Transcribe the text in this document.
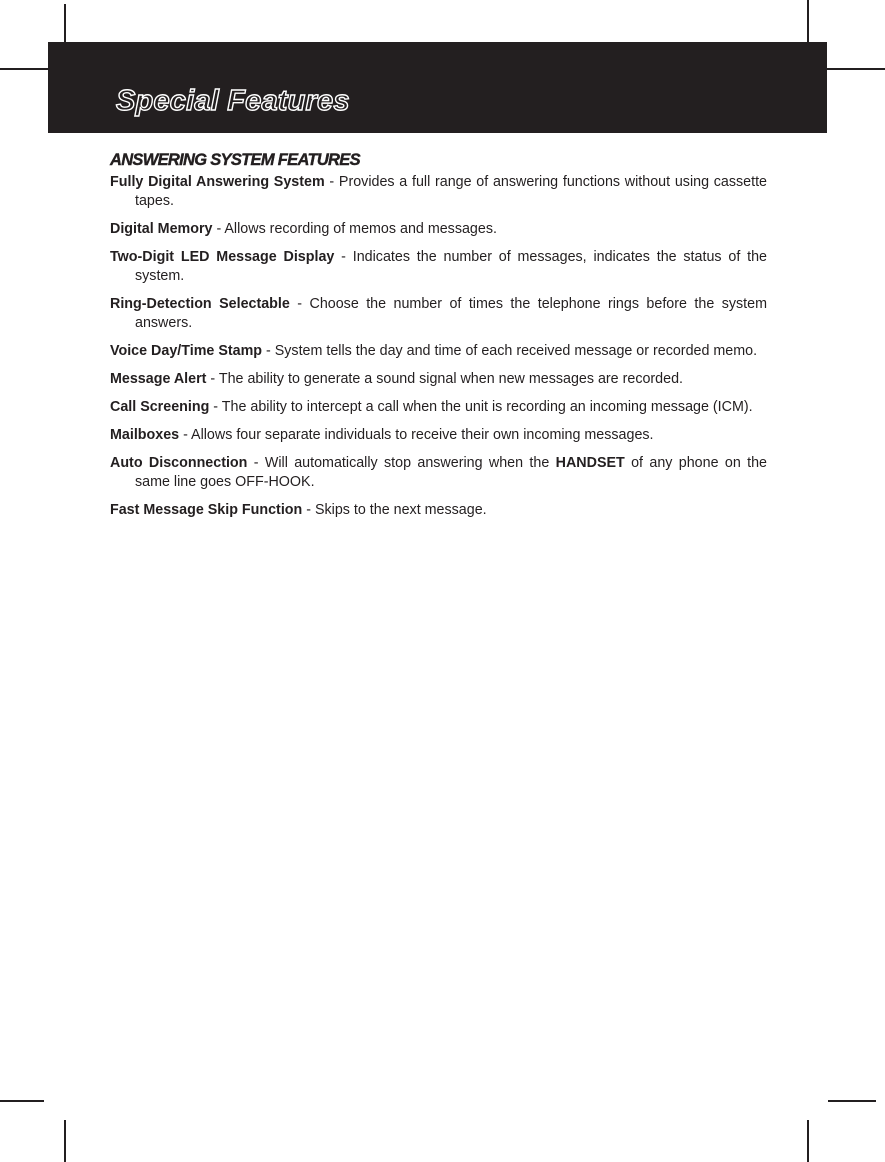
Special Features
ANSWERING SYSTEM FEATURES

Fully Digital Answering System - Provides a full range of answering functions without using cassette tapes.

Digital Memory - Allows recording of memos and messages.

Two-Digit LED Message Display - Indicates the number of messages, indicates the status of the system.

Ring-Detection Selectable - Choose the number of times the telephone rings before the system answers.

Voice Day/Time Stamp - System tells the day and time of each received message or recorded memo.

Message Alert - The ability to generate a sound signal when new messages are recorded.

Call Screening - The ability to intercept a call when the unit is recording an incoming message (ICM).

Mailboxes - Allows four separate individuals to receive their own incoming messages.

Auto Disconnection - Will automatically stop answering when the HANDSET of any phone on the same line goes OFF-HOOK.

Fast Message Skip Function - Skips to the next message.
